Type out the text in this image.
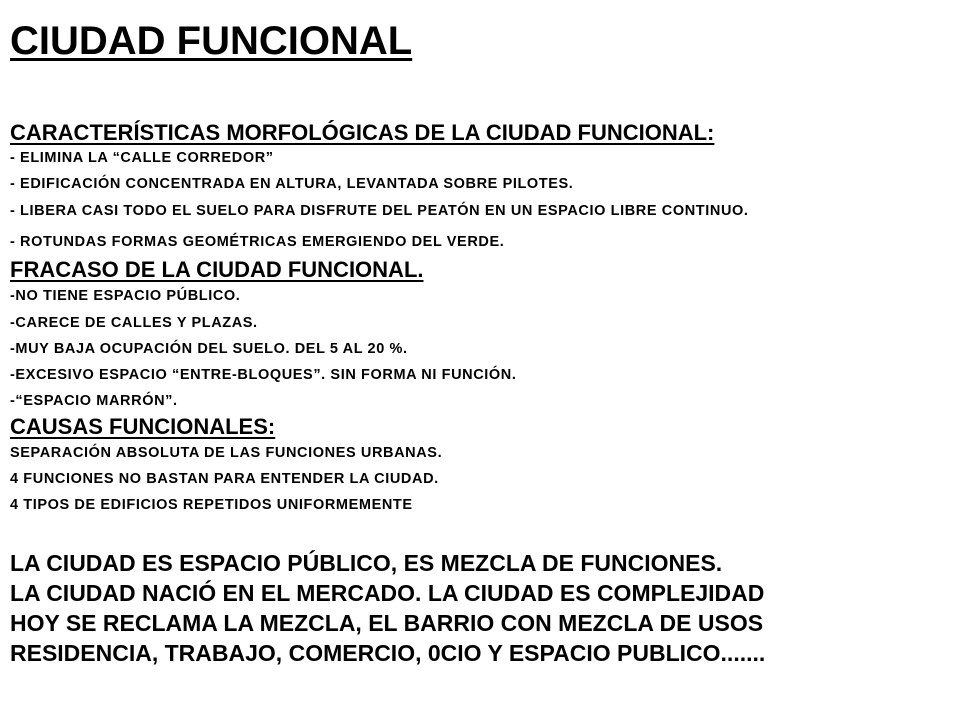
CIUDAD FUNCIONAL
CARACTERÍSTICAS MORFOLÓGICAS DE LA CIUDAD FUNCIONAL:
- ELIMINA LA “CALLE CORREDOR”
- EDIFICACIÓN CONCENTRADA EN ALTURA, LEVANTADA SOBRE PILOTES.
- LIBERA CASI TODO EL SUELO PARA DISFRUTE DEL PEATÓN EN UN ESPACIO LIBRE CONTINUO.
- ROTUNDAS FORMAS GEOMÉTRICAS EMERGIENDO DEL VERDE.
FRACASO DE LA CIUDAD FUNCIONAL.
-NO TIENE ESPACIO PÚBLICO.
-CARECE DE CALLES Y PLAZAS.
-MUY BAJA OCUPACIÓN DEL SUELO. DEL 5 AL 20 %.
-EXCESIVO ESPACIO “ENTRE-BLOQUES”. SIN FORMA NI FUNCIÓN.
-“ESPACIO MARRÓN”.
CAUSAS FUNCIONALES:
SEPARACIÓN ABSOLUTA DE LAS FUNCIONES URBANAS.
4 FUNCIONES NO BASTAN PARA ENTENDER LA CIUDAD.
4 TIPOS DE EDIFICIOS REPETIDOS UNIFORMEMENTE
LA CIUDAD ES ESPACIO PÚBLICO, ES MEZCLA DE FUNCIONES.
LA CIUDAD NACIÓ EN EL MERCADO. LA CIUDAD ES COMPLEJIDAD
HOY SE RECLAMA LA MEZCLA, EL BARRIO CON MEZCLA DE USOS
RESIDENCIA, TRABAJO, COMERCIO, 0CIO Y ESPACIO PUBLICO.......
